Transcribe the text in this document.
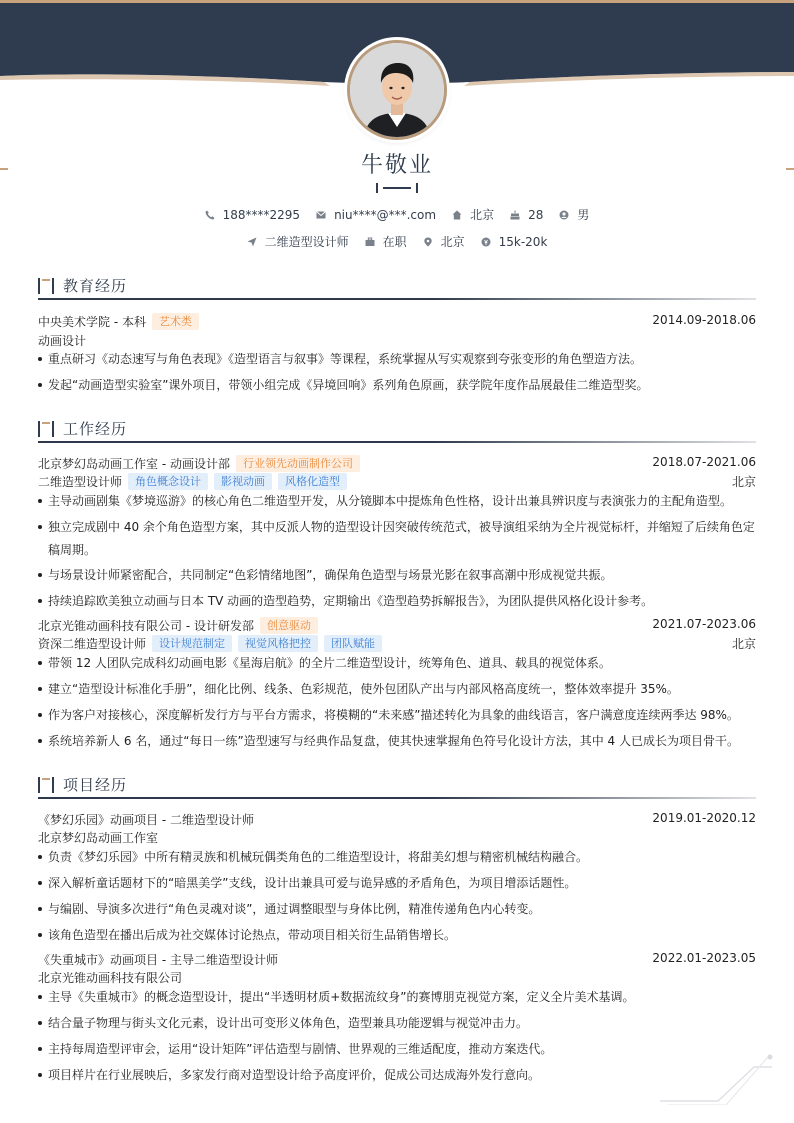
牛敬业
188****2295	niu****@***.com	北京	28	男
二维造型设计师	在职	北京	15k-20k
教育经历
中央美术学院 - 本科	艺术类	2014.09-2018.06
动画设计
重点研习《动态速写与角色表现》《造型语言与叙事》等课程，系统掌握从写实观察到夸张变形的角色塑造方法。
发起“动画造型实验室”课外项目，带领小组完成《异境回响》系列角色原画，获学院年度作品展最佳二维造型奖。
工作经历
北京梦幻岛动画工作室 - 动画设计部	行业领先动画制作公司	2018.07-2021.06
二维造型设计师	角色概念设计	影视动画	风格化造型	北京
主导动画剧集《梦境巡游》的核心角色二维造型开发，从分镜脚本中提炼角色性格，设计出兼具辨识度与表演张力的主配角造型。
独立完成剧中 40 余个角色造型方案，其中反派人物的造型设计因突破传统范式，被导演组采纳为全片视觉标杆，并缩短了后续角色定
稿周期。
与场景设计师紧密配合，共同制定“色彩情绪地图”，确保角色造型与场景光影在叙事高潮中形成视觉共振。
持续追踪欧美独立动画与日本 TV 动画的造型趋势，定期输出《造型趋势拆解报告》，为团队提供风格化设计参考。
北京光锥动画科技有限公司 - 设计研发部	创意驱动	2021.07-2023.06
资深二维造型设计师	设计规范制定	视觉风格把控	团队赋能	北京
带领 12 人团队完成科幻动画电影《星海启航》的全片二维造型设计，统筹角色、道具、载具的视觉体系。
建立“造型设计标准化手册”，细化比例、线条、色彩规范，使外包团队产出与内部风格高度统一，整体效率提升 35%。
作为客户对接核心，深度解析发行方与平台方需求，将模糊的“未来感”描述转化为具象的曲线语言，客户满意度连续两季达 98%。
系统培养新人 6 名，通过“每日一练”造型速写与经典作品复盘，使其快速掌握角色符号化设计方法，其中 4 人已成长为项目骨干。
项目经历
《梦幻乐园》动画项目 - 二维造型设计师	2019.01-2020.12
北京梦幻岛动画工作室
负责《梦幻乐园》中所有精灵族和机械玩偶类角色的二维造型设计，将甜美幻想与精密机械结构融合。
深入解析童话题材下的“暗黑美学”支线，设计出兼具可爱与诡异感的矛盾角色，为项目增添话题性。
与编剧、导演多次进行“角色灵魂对谈”，通过调整眼型与身体比例，精准传递角色内心转变。
该角色造型在播出后成为社交媒体讨论热点，带动项目相关衍生品销售增长。
《失重城市》动画项目 - 主导二维造型设计师	2022.01-2023.05
北京光锥动画科技有限公司
主导《失重城市》的概念造型设计，提出“半透明材质+数据流纹身”的赛博朋克视觉方案，定义全片美术基调。
结合量子物理与街头文化元素，设计出可变形义体角色，造型兼具功能逻辑与视觉冲击力。
主持每周造型评审会，运用“设计矩阵”评估造型与剧情、世界观的三维适配度，推动方案迭代。
项目样片在行业展映后，多家发行商对造型设计给予高度评价，促成公司达成海外发行意向。
